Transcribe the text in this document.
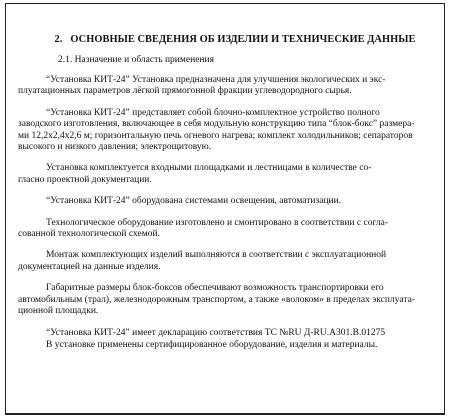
2. ОСНОВНЫЕ СВЕДЕНИЯ ОБ ИЗДЕЛИИ И ТЕХНИЧЕСКИЕ ДАННЫЕ
2.1. Назначение и область применения
“Установка КИТ-24” Установка предназначена для улучшения экологических и экс-
плуатационных параметров лёгкой прямогонной фракции углеводородного сырья.
“Установка КИТ-24” представляет собой блочно-комплектное устройство полного
заводского изготовления, включающее в себя модульную конструкцию типа “блок-бокс” размера-
ми 12,2х2,4х2,6 м; горизонтальную печь огневого нагрева; комплект холодильников; сепараторов
высокого и низкого давления; электрощитовую.
Установка комплектуется входными площадками и лестницами в количестве со-
гласно проектной документации.
“Установка КИТ-24” оборудована системами освещения, автоматизации.
Технологическое оборудование изготовлено и смонтировано в соответствии с согла-
сованной технологической схемой.
Монтаж комплектующих изделий выполняются в соответствии с эксплуатационной
документацией на данные изделия.
Габаритные размеры блок-боксов обеспечивают возможность транспортировки его
автомобильным (трал), железнодорожным транспортом, а также «волоком» в пределах эксплуата-
ционной площадки.
“Установка КИТ-24” имеет декларацию соответствия ТС №RU Д-RU.А301.В.01275
В установке применены сертифицированное оборудование, изделия и материалы.
